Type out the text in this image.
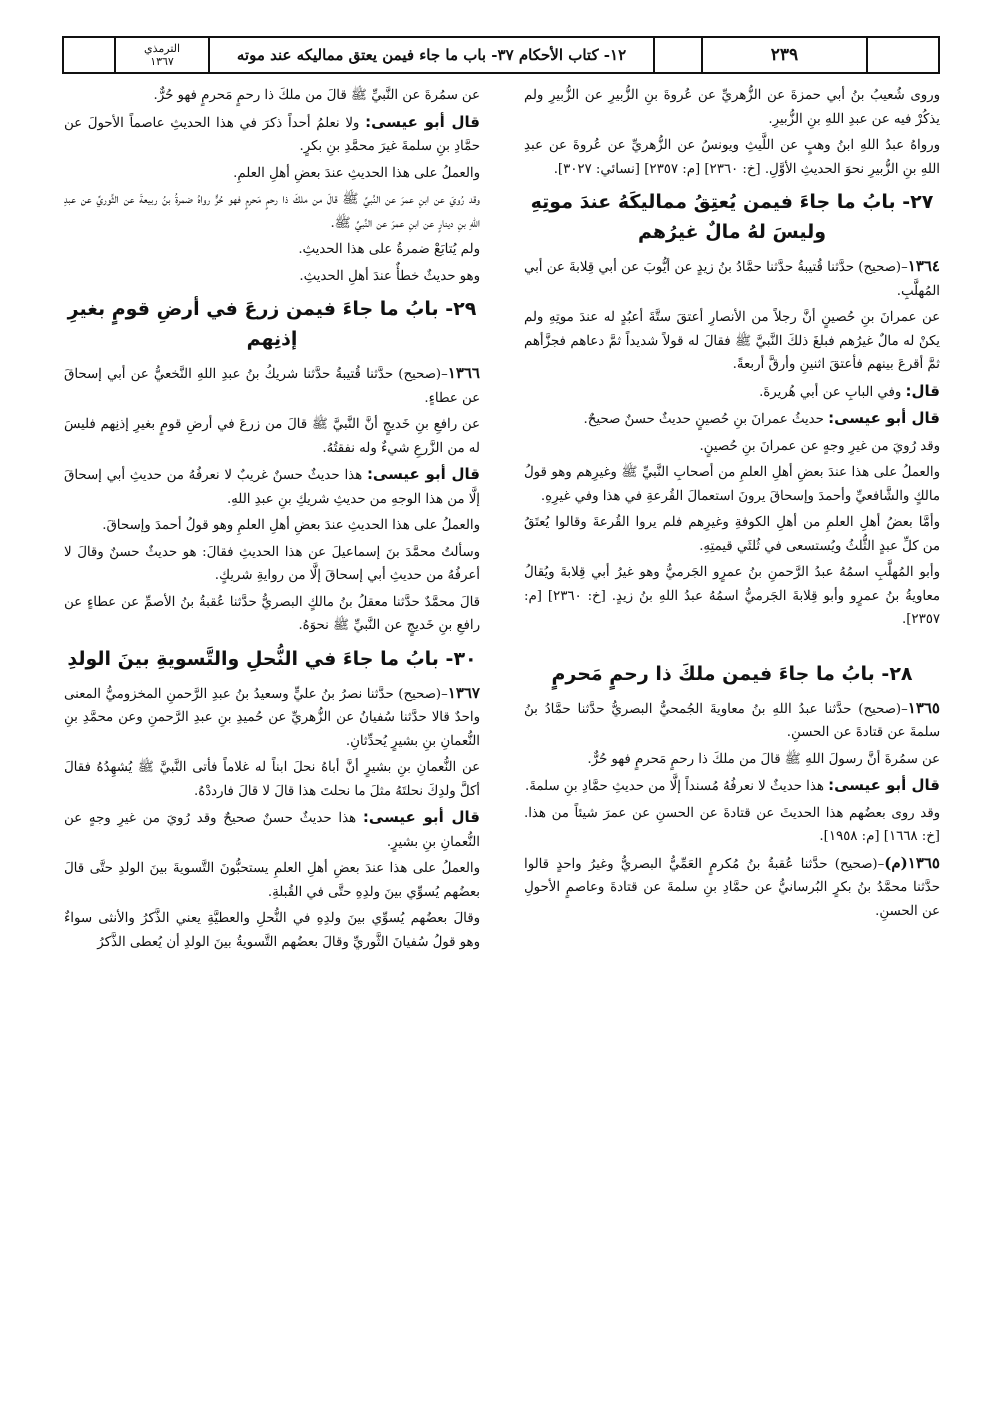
٢٣٩
١٢- كتاب الأحكام ٣٧- باب ما جاء فيمن يعتق مماليكه عند موته
الترمذي
١٣٦٧

وروى شُعيبُ بنُ أبي حمزةَ عن الزُّهريِّ عن عُروةَ بنِ الزُّبيرِ عن الزُّبيرِ ولم يذكُرْ فيه عن عبدِ اللهِ بنِ الزُّبيرِ.

ورواهُ عبدُ اللهِ ابنُ وهبٍ عن اللَّيثِ ويونسُ عن الزُّهريِّ عن عُروةَ عن عبدِ اللهِ بنِ الزُّبيرِ نحوَ الحديثِ الأوَّلِ. [خ: ٢٣٦٠] [م: ٢٣٥٧] [نسائي: ٣٠٢٧].

٢٧- بابُ ما جاءَ فيمن يُعتِقُ مماليكَهُ عندَ موتِهِ وليسَ لهُ مالٌ غيرُهم

١٣٦٤–(صحيح) حدَّثنا قُتيبةُ حدَّثنا حمَّادُ بنُ زيدٍ عن أيُّوبَ عن أبي قِلابةَ عن أبي المُهلَّبِ.

عن عمرانَ بنِ حُصينٍ أنَّ رجلاً من الأنصارِ أعتقَ ستَّةَ أعبُدٍ له عندَ موتِهِ ولم يكنْ له مالٌ غيرُهم فبلغَ ذلكَ النَّبيَّ ﷺ فقالَ له قولاً شديداً ثمَّ دعاهم فجزَّأهم ثمَّ أقرعَ بينهم فأعتقَ اثنينِ وأرقَّ أربعةً.

قال: وفي البابِ عن أبي هُريرةَ.

قال أبو عيسى: حديثُ عمرانَ بنِ حُصينٍ حديثٌ حسنٌ صحيحٌ.

وقد رُويَ من غيرِ وجهٍ عن عمرانَ بنِ حُصينٍ.

والعملُ على هذا عندَ بعضِ أهلِ العلمِ من أصحابِ النَّبيِّ ﷺ وغيرِهم وهو قولُ مالكٍ والشَّافعيِّ وأحمدَ وإسحاقَ يرونَ استعمالَ القُرعةِ في هذا وفي غيرِهِ.

وأمَّا بعضُ أهلِ العلمِ من أهلِ الكوفةِ وغيرِهم فلم يروا القُرعةَ وقالوا يُعتَقُ من كلِّ عبدٍ الثُّلثُ ويُستسعى في ثُلثَي قيمتِهِ.

وأبو المُهلَّبِ اسمُهُ عبدُ الرَّحمنِ بنُ عمرٍو الجَرميُّ وهو غيرُ أبي قِلابةَ ويُقالُ معاويةُ بنُ عمرٍو وأبو قِلابةَ الجَرميُّ اسمُهُ عبدُ اللهِ بنُ زيدٍ. [خ: ٢٣٦٠] [م: ٢٣٥٧].

٢٨- بابُ ما جاءَ فيمن ملكَ ذا رحمٍ مَحرمٍ

١٣٦٥–(صحيح) حدَّثنا عبدُ اللهِ بنُ معاويةَ الجُمحيُّ البصريُّ حدَّثنا حمَّادُ بنُ سلمةَ عن قتادةَ عن الحسنِ.

عن سمُرةَ أنَّ رسولَ اللهِ ﷺ قالَ من ملكَ ذا رحمٍ مَحرمٍ فهو حُرٌّ.

قال أبو عيسى: هذا حديثٌ لا نعرفُهُ مُسنداً إلَّا من حديثِ حمَّادِ بنِ سلمةَ.

وقد روى بعضُهم هذا الحديثَ عن قتادةَ عن الحسنِ عن عمرَ شيئاً من هذا. [خ: ١٦٦٨] [م: ١٩٥٨].

١٣٦٥(م)–(صحيح) حدَّثنا عُقبةُ بنُ مُكرمٍ العَمِّيُّ البصريُّ وغيرُ واحدٍ قالوا حدَّثنا محمَّدُ بنُ بكرٍ البُرسانيُّ عن حمَّادِ بنِ سلمةَ عن قتادةَ وعاصمٍ الأحولِ عن الحسنِ.

عن سمُرةَ عن النَّبيِّ ﷺ قالَ من ملكَ ذا رحمٍ مَحرمٍ فهو حُرٌّ.

قال أبو عيسى: ولا نعلمُ أحداً ذكرَ في هذا الحديثِ عاصماً الأحولَ عن حمَّادِ بنِ سلمةَ غيرَ محمَّدِ بنِ بكرٍ.

والعملُ على هذا الحديثِ عندَ بعضِ أهلِ العلمِ.

وقد رُويَ عن ابنِ عمرَ عن النَّبيِّ ﷺ قالَ من ملكَ ذا رحمٍ مَحرمٍ فهو حُرٌّ رواهُ ضمرةُ بنُ ربيعةَ عن الثَّوريِّ عن عبدِ اللهِ بنِ دينارٍ عن ابنِ عمرَ عن النَّبيِّ ﷺ.

ولم يُتابَعْ ضمرةُ على هذا الحديثِ.

وهو حديثٌ خطأٌ عندَ أهلِ الحديثِ.

٢٩- بابُ ما جاءَ فيمن زرعَ في أرضِ قومٍ بغيرِ إذنِهم

١٣٦٦–(صحيح) حدَّثنا قُتيبةُ حدَّثنا شريكُ بنُ عبدِ اللهِ النَّخعيُّ عن أبي إسحاقَ عن عطاءٍ.

عن رافعِ بنِ خَديجٍ أنَّ النَّبيَّ ﷺ قالَ من زرعَ في أرضِ قومٍ بغيرِ إذنِهم فليسَ له من الزَّرعِ شيءٌ وله نفقتُهُ.

قال أبو عيسى: هذا حديثٌ حسنٌ غريبٌ لا نعرفُهُ من حديثِ أبي إسحاقَ إلَّا من هذا الوجهِ من حديثِ شريكِ بنِ عبدِ اللهِ.

والعملُ على هذا الحديثِ عندَ بعضِ أهلِ العلمِ وهو قولُ أحمدَ وإسحاقَ.

وسألتُ محمَّدَ بنَ إسماعيلَ عن هذا الحديثِ فقالَ: هو حديثٌ حسنٌ وقالَ لا أعرفُهُ من حديثِ أبي إسحاقَ إلَّا من روايةِ شريكٍ.

قالَ محمَّدٌ حدَّثنا معقلُ بنُ مالكٍ البصريُّ حدَّثنا عُقبةُ بنُ الأصمِّ عن عطاءٍ عن رافعِ بنِ خَديجٍ عن النَّبيِّ ﷺ نحوَهُ.

٣٠- بابُ ما جاءَ في النُّحلِ والتَّسويةِ بينَ الولدِ

١٣٦٧–(صحيح) حدَّثنا نصرُ بنُ عليٍّ وسعيدُ بنُ عبدِ الرَّحمنِ المخزوميُّ المعنى واحدٌ قالا حدَّثنا سُفيانُ عن الزُّهريِّ عن حُميدِ بنِ عبدِ الرَّحمنِ وعن محمَّدِ بنِ النُّعمانِ بنِ بشيرٍ يُحدِّثانِ.

عن النُّعمانِ بنِ بشيرٍ أنَّ أباهُ نحلَ ابناً له غلاماً فأتى النَّبيَّ ﷺ يُشهِدُهُ فقالَ أكلَّ ولدِكَ نحلتَهُ مثلَ ما نحلتَ هذا قالَ لا قالَ فارددْهُ.

قال أبو عيسى: هذا حديثٌ حسنٌ صحيحٌ وقد رُويَ من غيرِ وجهٍ عن النُّعمانِ بنِ بشيرٍ.

والعملُ على هذا عندَ بعضِ أهلِ العلمِ يستحبُّونَ التَّسويةَ بينَ الولدِ حتَّى قالَ بعضُهم يُسوِّي بينَ ولدِهِ حتَّى في القُبلةِ.

وقالَ بعضُهم يُسوِّي بينَ ولدِهِ في النُّحلِ والعطيَّةِ يعني الذَّكرُ والأنثى سواءٌ وهو قولُ سُفيانَ الثَّوريِّ وقالَ بعضُهم التَّسويةُ بينَ الولدِ أن يُعطى الذَّكرُ
